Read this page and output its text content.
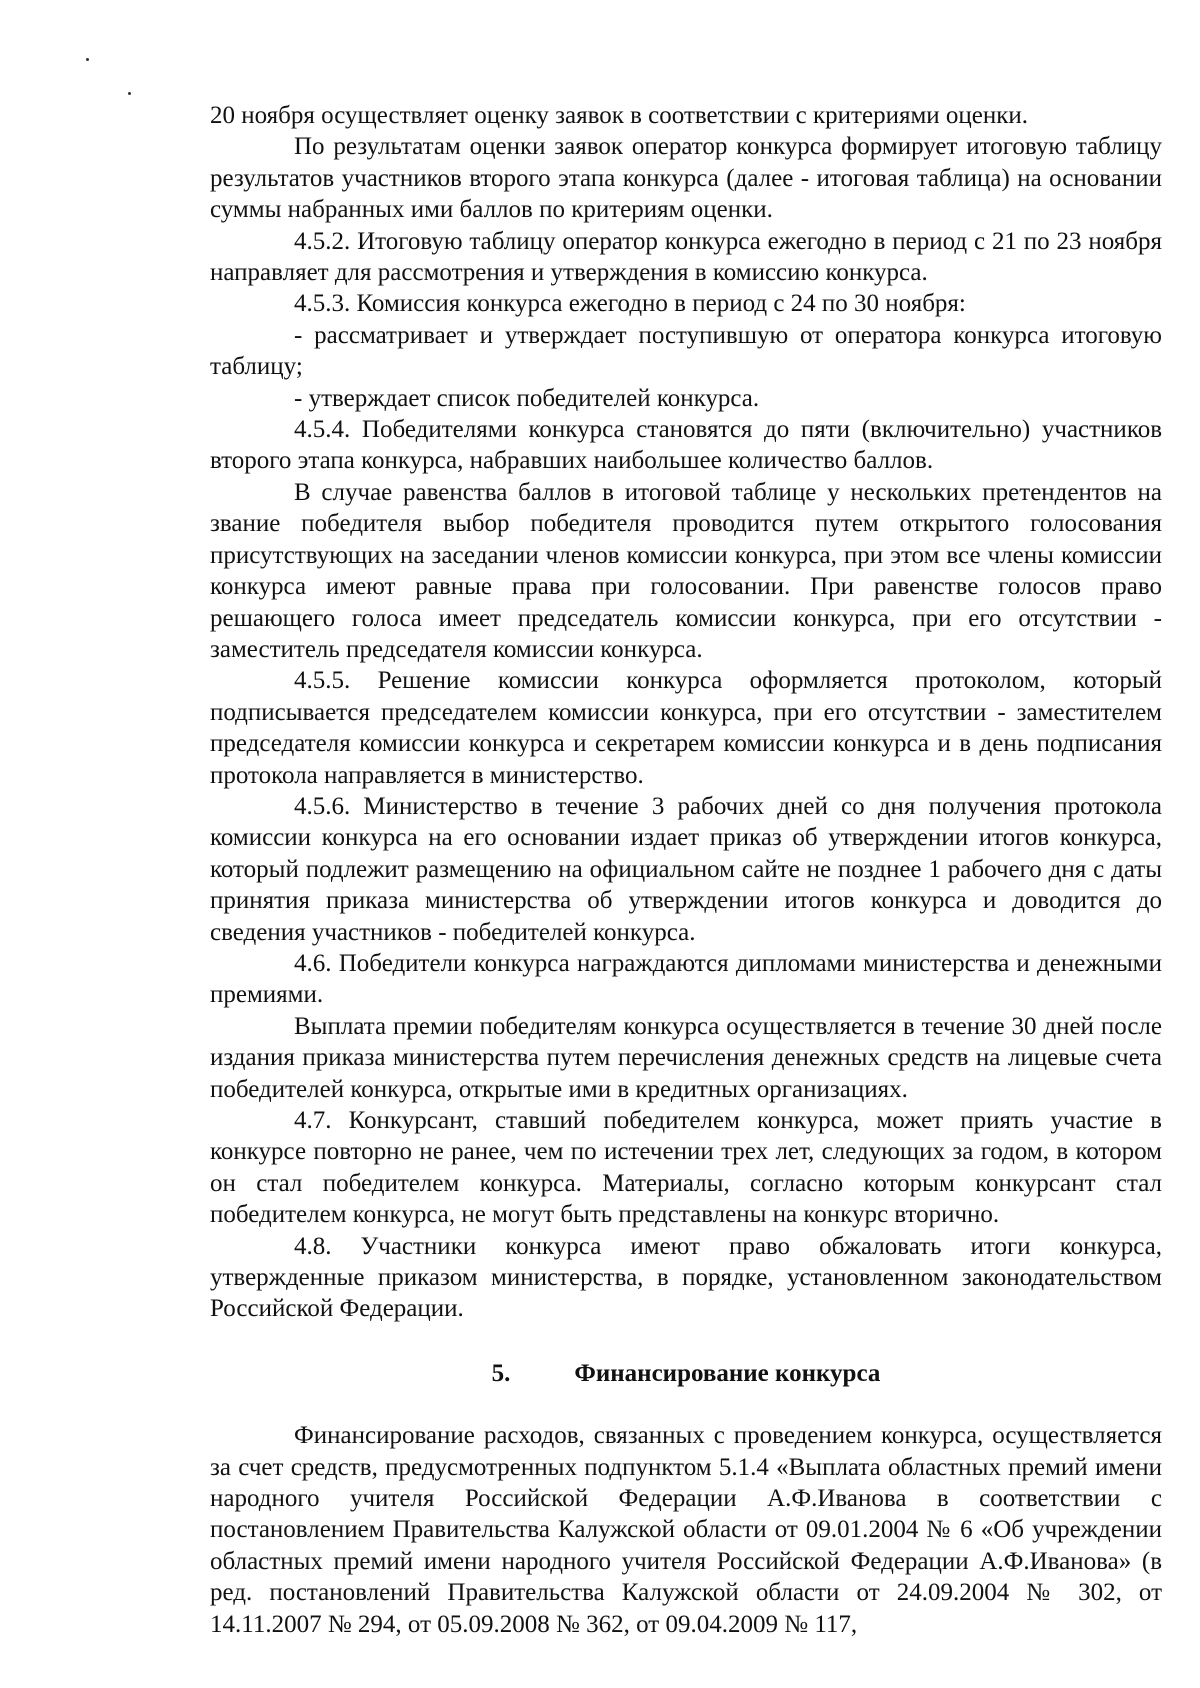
20 ноября осуществляет оценку заявок в соответствии с критериями оценки.

По результатам оценки заявок оператор конкурса формирует итоговую таблицу результатов участников второго этапа конкурса (далее - итоговая таблица) на основании суммы набранных ими баллов по критериям оценки.

4.5.2. Итоговую таблицу оператор конкурса ежегодно в период с 21 по 23 ноября направляет для рассмотрения и утверждения в комиссию конкурса.

4.5.3. Комиссия конкурса ежегодно в период с 24 по 30 ноября:

- рассматривает и утверждает поступившую от оператора конкурса итоговую таблицу;

- утверждает список победителей конкурса.

4.5.4. Победителями конкурса становятся до пяти (включительно) участников второго этапа конкурса, набравших наибольшее количество баллов.

В случае равенства баллов в итоговой таблице у нескольких претендентов на звание победителя выбор победителя проводится путем открытого голосования присутствующих на заседании членов комиссии конкурса, при этом все члены комиссии конкурса имеют равные права при голосовании. При равенстве голосов право решающего голоса имеет председатель комиссии конкурса, при его отсутствии - заместитель председателя комиссии конкурса.

4.5.5. Решение комиссии конкурса оформляется протоколом, который подписывается председателем комиссии конкурса, при его отсутствии - заместителем председателя комиссии конкурса и секретарем комиссии конкурса и в день подписания протокола направляется в министерство.

4.5.6. Министерство в течение 3 рабочих дней со дня получения протокола комиссии конкурса на его основании издает приказ об утверждении итогов конкурса, который подлежит размещению на официальном сайте не позднее 1 рабочего дня с даты принятия приказа министерства об утверждении итогов конкурса и доводится до сведения участников - победителей конкурса.

4.6. Победители конкурса награждаются дипломами министерства и денежными премиями.

Выплата премии победителям конкурса осуществляется в течение 30 дней после издания приказа министерства путем перечисления денежных средств на лицевые счета победителей конкурса, открытые ими в кредитных организациях.

4.7. Конкурсант, ставший победителем конкурса, может приять участие в конкурсе повторно не ранее, чем по истечении трех лет, следующих за годом, в котором он стал победителем конкурса. Материалы, согласно которым конкурсант стал победителем конкурса, не могут быть представлены на конкурс вторично.

4.8. Участники конкурса имеют право обжаловать итоги конкурса, утвержденные приказом министерства, в порядке, установленном законодательством Российской Федерации.

5.	Финансирование конкурса

Финансирование расходов, связанных с проведением конкурса, осуществляется за счет средств, предусмотренных подпунктом 5.1.4 «Выплата областных премий имени народного учителя Российской Федерации А.Ф.Иванова в соответствии с постановлением Правительства Калужской области от 09.01.2004 № 6 «Об учреждении областных премий имени народного учителя Российской Федерации А.Ф.Иванова» (в ред. постановлений Правительства Калужской области от 24.09.2004 № 302, от 14.11.2007 № 294, от 05.09.2008 № 362, от 09.04.2009 № 117,
